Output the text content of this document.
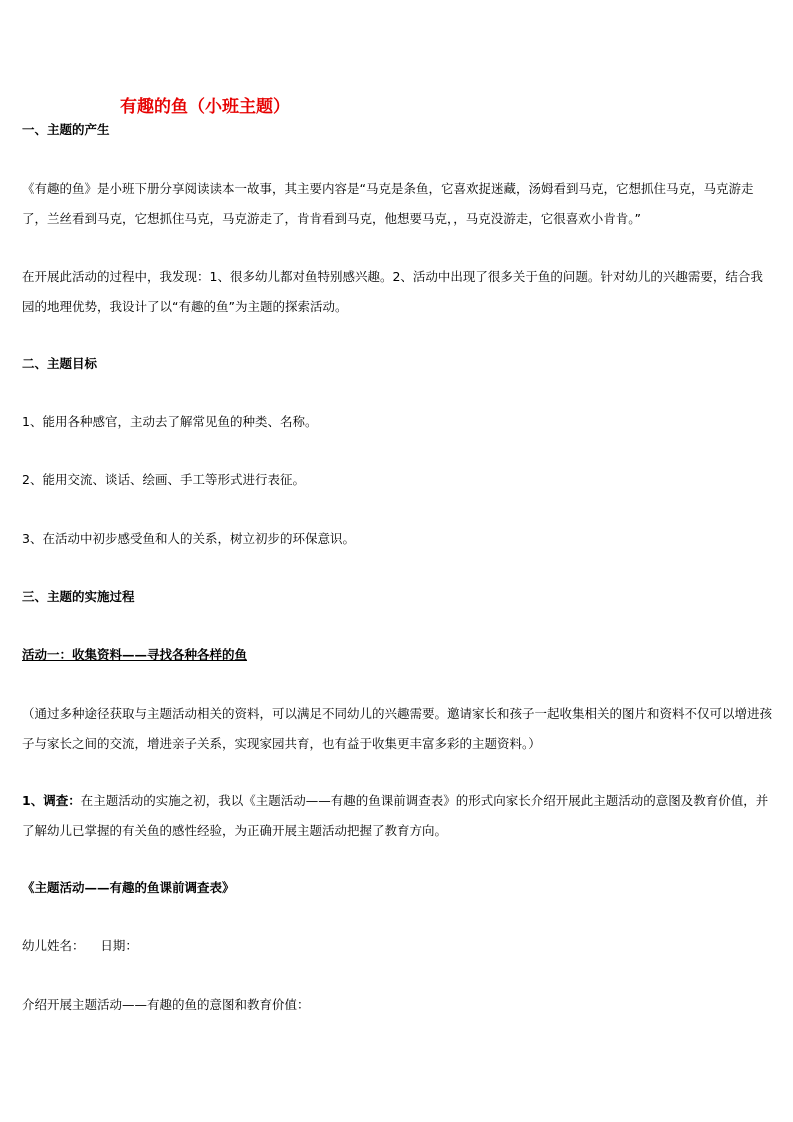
有趣的鱼（小班主题）
一、主题的产生
《有趣的鱼》是小班下册分享阅读读本一故事，其主要内容是“马克是条鱼，它喜欢捉迷藏，汤姆看到马克，它想抓住马克，马克游走了，兰丝看到马克，它想抓住马克，马克游走了，肯肯看到马克，他想要马克，，马克没游走，它很喜欢小肯肯。”
在开展此活动的过程中，我发现：1、很多幼儿都对鱼特别感兴趣。2、活动中出现了很多关于鱼的问题。针对幼儿的兴趣需要，结合我园的地理优势，我设计了以“有趣的鱼”为主题的探索活动。
二、主题目标
1、能用各种感官，主动去了解常见鱼的种类、名称。
2、能用交流、谈话、绘画、手工等形式进行表征。
3、在活动中初步感受鱼和人的关系，树立初步的环保意识。
三、主题的实施过程
活动一：收集资料——寻找各种各样的鱼
（通过多种途径获取与主题活动相关的资料，可以满足不同幼儿的兴趣需要。邀请家长和孩子一起收集相关的图片和资料不仅可以增进孩子与家长之间的交流，增进亲子关系，实现家园共育，也有益于收集更丰富多彩的主题资料。）
1、调查：在主题活动的实施之初，我以《主题活动——有趣的鱼课前调查表》的形式向家长介绍开展此主题活动的意图及教育价值，并了解幼儿已掌握的有关鱼的感性经验，为正确开展主题活动把握了教育方向。
《主题活动——有趣的鱼课前调查表》
幼儿姓名：    日期：
介绍开展主题活动——有趣的鱼的意图和教育价值：
